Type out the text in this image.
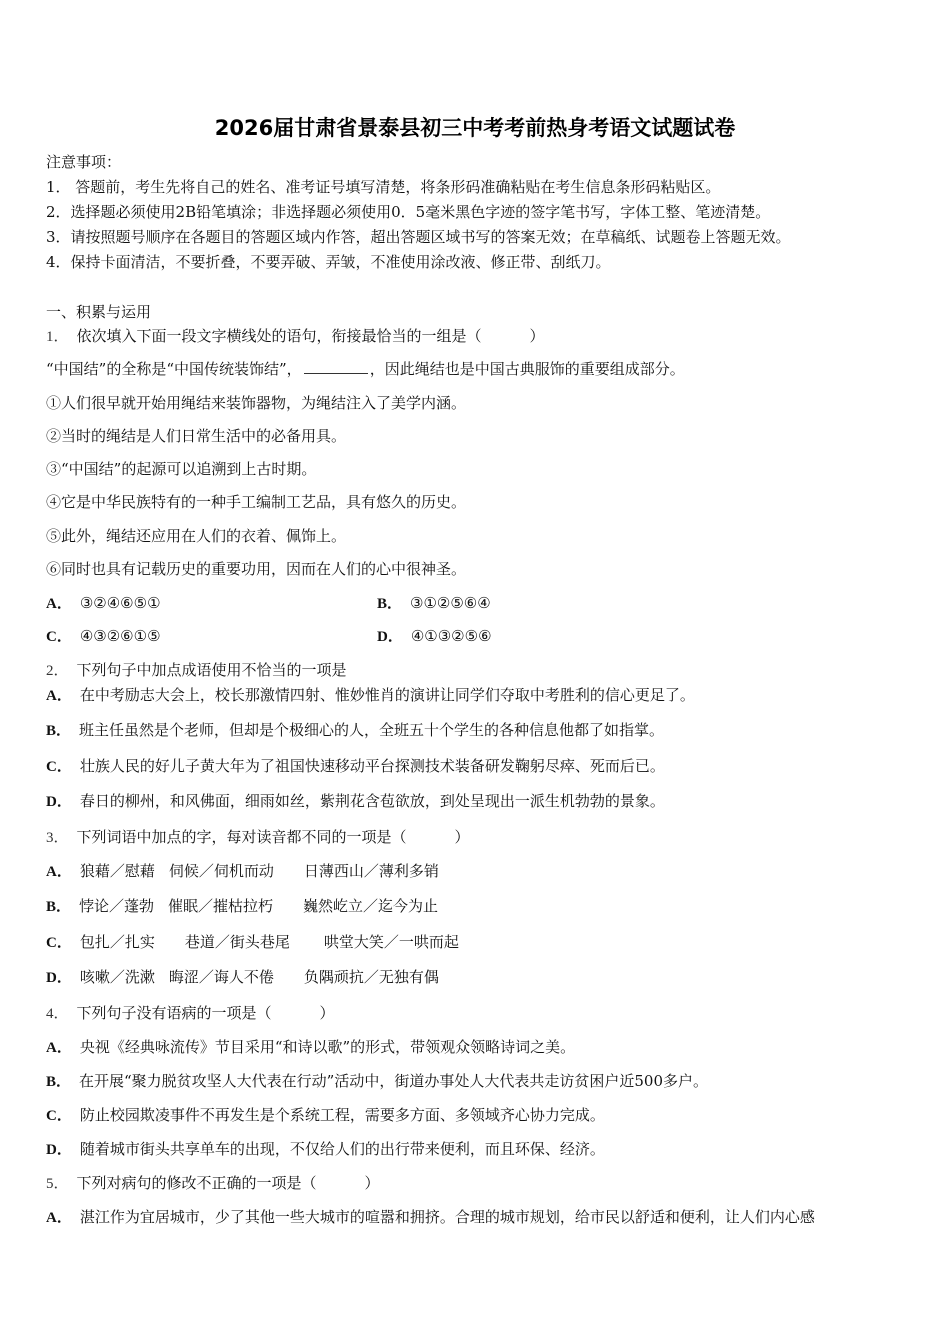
2026届甘肃省景泰县初三中考考前热身考语文试题试卷
注意事项：
1． 答题前，考生先将自己的姓名、准考证号填写清楚，将条形码准确粘贴在考生信息条形码粘贴区。
2．选择题必须使用2B铅笔填涂；非选择题必须使用0．5毫米黑色字迹的签字笔书写，字体工整、笔迹清楚。
3．请按照题号顺序在各题目的答题区域内作答，超出答题区域书写的答案无效；在草稿纸、试题卷上答题无效。
4．保持卡面清洁，不要折叠，不要弄破、弄皱，不准使用涂改液、修正带、刮纸刀。
一、积累与运用
1． 依次填入下面一段文字横线处的语句，衔接最恰当的一组是（	）
“中国结”的全称是“中国传统装饰结”，	，因此绳结也是中国古典服饰的重要组成部分。
①人们很早就开始用绳结来装饰器物，为绳结注入了美学内涵。
②当时的绳结是人们日常生活中的必备用具。
③“中国结”的起源可以追溯到上古时期。
④它是中华民族特有的一种手工编制工艺品，具有悠久的历史。
⑤此外，绳结还应用在人们的衣着、佩饰上。
⑥同时也具有记载历史的重要功用，因而在人们的心中很神圣。
A． ③②④⑥⑤①	B． ③①②⑤⑥④
C． ④③②⑥①⑤	D． ④①③②⑤⑥
2． 下列句子中加点成语使用不恰当的一项是
A． 在中考励志大会上，校长那激情四射、惟妙惟肖的演讲让同学们夺取中考胜利的信心更足了。
B． 班主任虽然是个老师，但却是个极细心的人，全班五十个学生的各种信息他都了如指掌。
C． 壮族人民的好儿子黄大年为了祖国快速移动平台探测技术装备研发鞠躬尽瘁、死而后已。
D． 春日的柳州，和风佛面，细雨如丝，紫荆花含苞欲放，到处呈现出一派生机勃勃的景象。
3． 下列词语中加点的字，每对读音都不同的一项是（	）
A． 狼藉／慰藉 伺候／伺机而动 日薄西山／薄利多销
B． 悖论／蓬勃 催眠／摧枯拉朽 巍然屹立／迄今为止
C． 包扎／扎实 巷道／街头巷尾 哄堂大笑／一哄而起
D． 咳嗽／洗漱 晦涩／诲人不倦 负隅顽抗／无独有偶
4． 下列句子没有语病的一项是（	）
A． 央视《经典咏流传》节目采用“和诗以歌”的形式，带领观众领略诗词之美。
B． 在开展“聚力脱贫攻坚人大代表在行动”活动中，街道办事处人大代表共走访贫困户近500多户。
C． 防止校园欺凌事件不再发生是个系统工程，需要多方面、多领域齐心协力完成。
D． 随着城市街头共享单车的出现，不仅给人们的出行带来便利，而且环保、经济。
5． 下列对病句的修改不正确的一项是（	）
A． 湛江作为宜居城市，少了其他一些大城市的喧嚣和拥挤。合理的城市规划，给市民以舒适和便利，让人们内心感
